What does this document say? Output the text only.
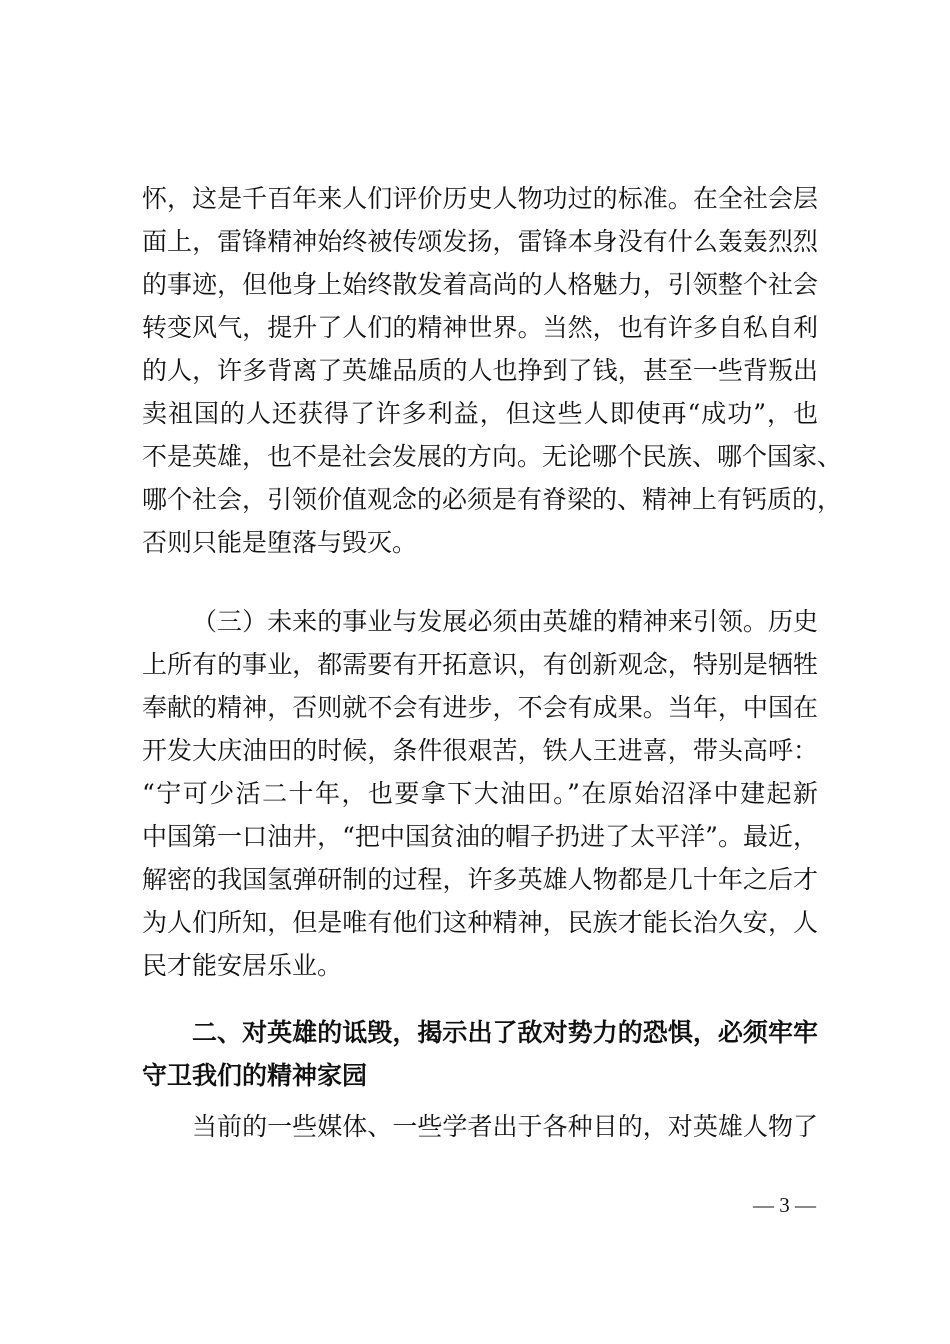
怀，这是千百年来人们评价历史人物功过的标准。在全社会层
面上，雷锋精神始终被传颂发扬，雷锋本身没有什么轰轰烈烈
的事迹，但他身上始终散发着高尚的人格魅力，引领整个社会
转变风气，提升了人们的精神世界。当然，也有许多自私自利
的人，许多背离了英雄品质的人也挣到了钱，甚至一些背叛出
卖祖国的人还获得了许多利益，但这些人即使再“成功”，也
不是英雄，也不是社会发展的方向。无论哪个民族、哪个国家、
哪个社会，引领价值观念的必须是有脊梁的、精神上有钙质的，
否则只能是堕落与毁灭。
（三）未来的事业与发展必须由英雄的精神来引领。历史
上所有的事业，都需要有开拓意识，有创新观念，特别是牺牲
奉献的精神，否则就不会有进步，不会有成果。当年，中国在
开发大庆油田的时候，条件很艰苦，铁人王进喜，带头高呼：
“宁可少活二十年，也要拿下大油田。”在原始沼泽中建起新
中国第一口油井，“把中国贫油的帽子扔进了太平洋”。最近，
解密的我国氢弹研制的过程，许多英雄人物都是几十年之后才
为人们所知，但是唯有他们这种精神，民族才能长治久安，人
民才能安居乐业。
二、对英雄的诋毁，揭示出了敌对势力的恐惧，必须牢牢
守卫我们的精神家园
当前的一些媒体、一些学者出于各种目的，对英雄人物了
— 3 —
